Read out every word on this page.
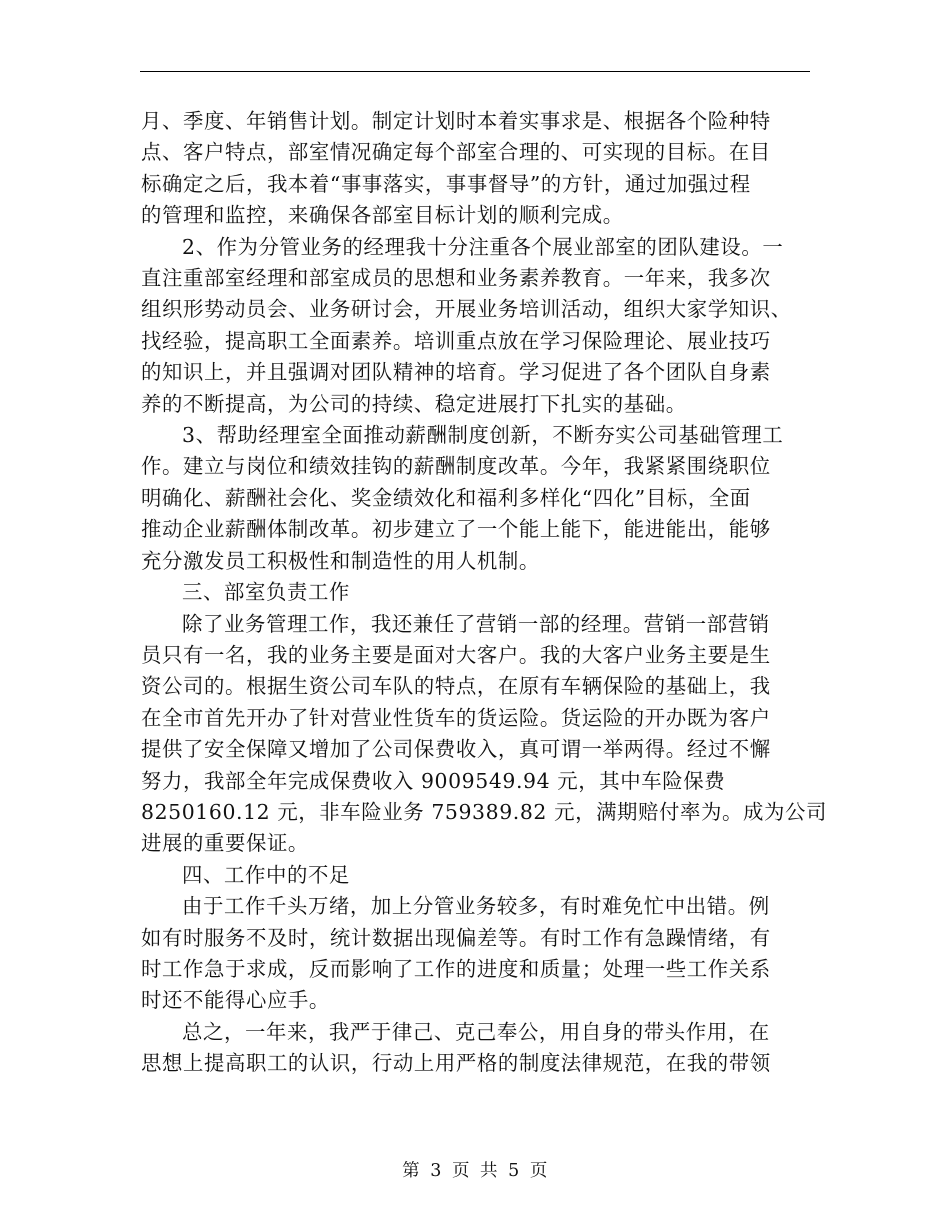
月、季度、年销售计划。制定计划时本着实事求是、根据各个险种特
点、客户特点，部室情况确定每个部室合理的、可实现的目标。在目
标确定之后，我本着“事事落实，事事督导”的方针，通过加强过程
的管理和监控，来确保各部室目标计划的顺利完成。
2、作为分管业务的经理我十分注重各个展业部室的团队建设。一
直注重部室经理和部室成员的思想和业务素养教育。一年来，我多次
组织形势动员会、业务研讨会，开展业务培训活动，组织大家学知识、
找经验，提高职工全面素养。培训重点放在学习保险理论、展业技巧
的知识上，并且强调对团队精神的培育。学习促进了各个团队自身素
养的不断提高，为公司的持续、稳定进展打下扎实的基础。
3、帮助经理室全面推动薪酬制度创新，不断夯实公司基础管理工
作。建立与岗位和绩效挂钩的薪酬制度改革。今年，我紧紧围绕职位
明确化、薪酬社会化、奖金绩效化和福利多样化“四化”目标，全面
推动企业薪酬体制改革。初步建立了一个能上能下，能进能出，能够
充分激发员工积极性和制造性的用人机制。
三、部室负责工作
除了业务管理工作，我还兼任了营销一部的经理。营销一部营销
员只有一名，我的业务主要是面对大客户。我的大客户业务主要是生
资公司的。根据生资公司车队的特点，在原有车辆保险的基础上，我
在全市首先开办了针对营业性货车的货运险。货运险的开办既为客户
提供了安全保障又增加了公司保费收入，真可谓一举两得。经过不懈
努力，我部全年完成保费收入 9009549.94 元，其中车险保费
8250160.12 元，非车险业务 759389.82 元，满期赔付率为。成为公司
进展的重要保证。
四、工作中的不足
由于工作千头万绪，加上分管业务较多，有时难免忙中出错。例
如有时服务不及时，统计数据出现偏差等。有时工作有急躁情绪，有
时工作急于求成，反而影响了工作的进度和质量；处理一些工作关系
时还不能得心应手。
总之，一年来，我严于律己、克己奉公，用自身的带头作用，在
思想上提高职工的认识，行动上用严格的制度法律规范，在我的带领
第 3 页 共 5 页
